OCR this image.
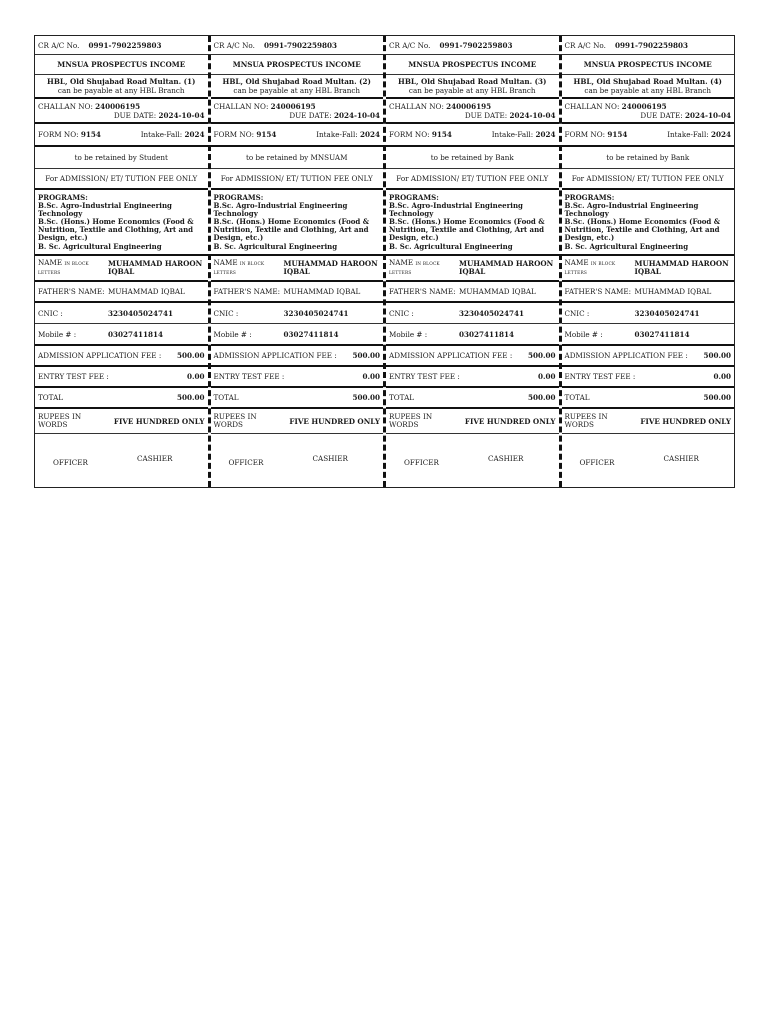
CR A/C No.
0991-7902259803
MNSUA PROSPECTUS INCOME
HBL, Old Shujabad Road Multan. (1)
can be payable at any HBL Branch
CHALLAN NO: 240006195
DUE DATE: 2024-10-04
FORM NO: 9154	Intake-Fall: 2024
to be retained by Student
For ADMISSION/ ET/ TUTION FEE ONLY
PROGRAMS:
B.Sc. Agro-Industrial Engineering Technology
B.Sc. (Hons.) Home Economics (Food & Nutrition, Textile and Clothing, Art and Design, etc.)
B. Sc. Agricultural Engineering
NAME IN BLOCK
LETTERS
MUHAMMAD HAROON IQBAL
FATHER'S NAME: MUHAMMAD IQBAL
CNIC :	3230405024741
Mobile # :	03027411814
ADMISSION APPLICATION FEE : 500.00
ENTRY TEST FEE :	0.00
TOTAL	500.00
RUPEES IN WORDS	FIVE HUNDRED ONLY
OFFICER	CASHIER
CR A/C No.
0991-7902259803
MNSUA PROSPECTUS INCOME
HBL, Old Shujabad Road Multan. (2)
can be payable at any HBL Branch
CHALLAN NO: 240006195
DUE DATE: 2024-10-04
FORM NO: 9154	Intake-Fall: 2024
to be retained by MNSUAM
For ADMISSION/ ET/ TUTION FEE ONLY
PROGRAMS:
B.Sc. Agro-Industrial Engineering Technology
B.Sc. (Hons.) Home Economics (Food & Nutrition, Textile and Clothing, Art and Design, etc.)
B. Sc. Agricultural Engineering
NAME IN BLOCK
LETTERS
MUHAMMAD HAROON IQBAL
FATHER'S NAME: MUHAMMAD IQBAL
CNIC :	3230405024741
Mobile # :	03027411814
ADMISSION APPLICATION FEE : 500.00
ENTRY TEST FEE :	0.00
TOTAL	500.00
RUPEES IN WORDS	FIVE HUNDRED ONLY
OFFICER	CASHIER
CR A/C No.
0991-7902259803
MNSUA PROSPECTUS INCOME
HBL, Old Shujabad Road Multan. (3)
can be payable at any HBL Branch
CHALLAN NO: 240006195
DUE DATE: 2024-10-04
FORM NO: 9154	Intake-Fall: 2024
to be retained by Bank
For ADMISSION/ ET/ TUTION FEE ONLY
PROGRAMS:
B.Sc. Agro-Industrial Engineering Technology
B.Sc. (Hons.) Home Economics (Food & Nutrition, Textile and Clothing, Art and Design, etc.)
B. Sc. Agricultural Engineering
NAME IN BLOCK
LETTERS
MUHAMMAD HAROON IQBAL
FATHER'S NAME: MUHAMMAD IQBAL
CNIC :	3230405024741
Mobile # :	03027411814
ADMISSION APPLICATION FEE : 500.00
ENTRY TEST FEE :	0.00
TOTAL	500.00
RUPEES IN WORDS	FIVE HUNDRED ONLY
OFFICER	CASHIER
CR A/C No.
0991-7902259803
MNSUA PROSPECTUS INCOME
HBL, Old Shujabad Road Multan. (4)
can be payable at any HBL Branch
CHALLAN NO: 240006195
DUE DATE: 2024-10-04
FORM NO: 9154	Intake-Fall: 2024
to be retained by Bank
For ADMISSION/ ET/ TUTION FEE ONLY
PROGRAMS:
B.Sc. Agro-Industrial Engineering Technology
B.Sc. (Hons.) Home Economics (Food & Nutrition, Textile and Clothing, Art and Design, etc.)
B. Sc. Agricultural Engineering
NAME IN BLOCK
LETTERS
MUHAMMAD HAROON IQBAL
FATHER'S NAME: MUHAMMAD IQBAL
CNIC :	3230405024741
Mobile # :	03027411814
ADMISSION APPLICATION FEE : 500.00
ENTRY TEST FEE :	0.00
TOTAL	500.00
RUPEES IN WORDS	FIVE HUNDRED ONLY
OFFICER	CASHIER
